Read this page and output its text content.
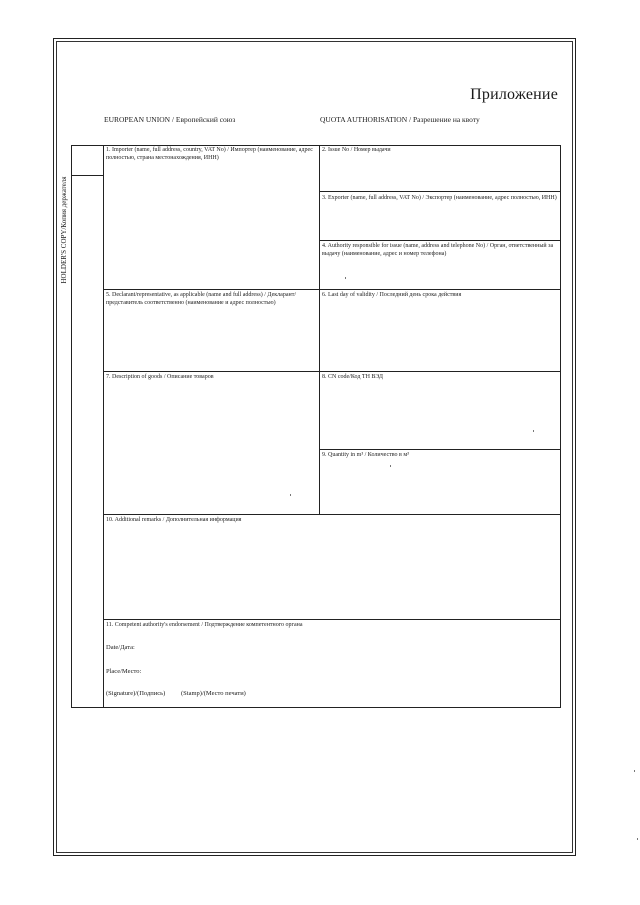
Приложение
EUROPEAN UNION / Европейский союз	QUOTA AUTHORISATION / Разрешение на квоту
HOLDER'S COPY/Копия держателя
1. Importer (name, full address, country, VAT No) / Импортер (наименование, адрес полностью, страна местонахождения, ИНН)
2. Issue No / Номер выдачи
3. Exporter (name, full address, VAT No) / Экспортер (наименование, адрес полностью, ИНН)
4. Authority responsible for issue (name, address and telephone No) / Орган, ответственный за выдачу (наименование, адрес и номер телефона)
5. Declarant/representative, as applicable (name and full address) / Декларант/представитель соответственно (наименование и адрес полностью)
6. Last day of validity / Последний день срока действия
7. Description of goods / Описание товаров	8. CN code/Код ТН ВЭД
9. Quantity in m³ / Количество в м³
10. Additional remarks / Дополнительная информация
11. Competent authority's endorsement / Подтверждение компетентного органа
Date/Дата:
Place/Место:
(Signature)/(Подпись) (Stamp)/(Место печати)
